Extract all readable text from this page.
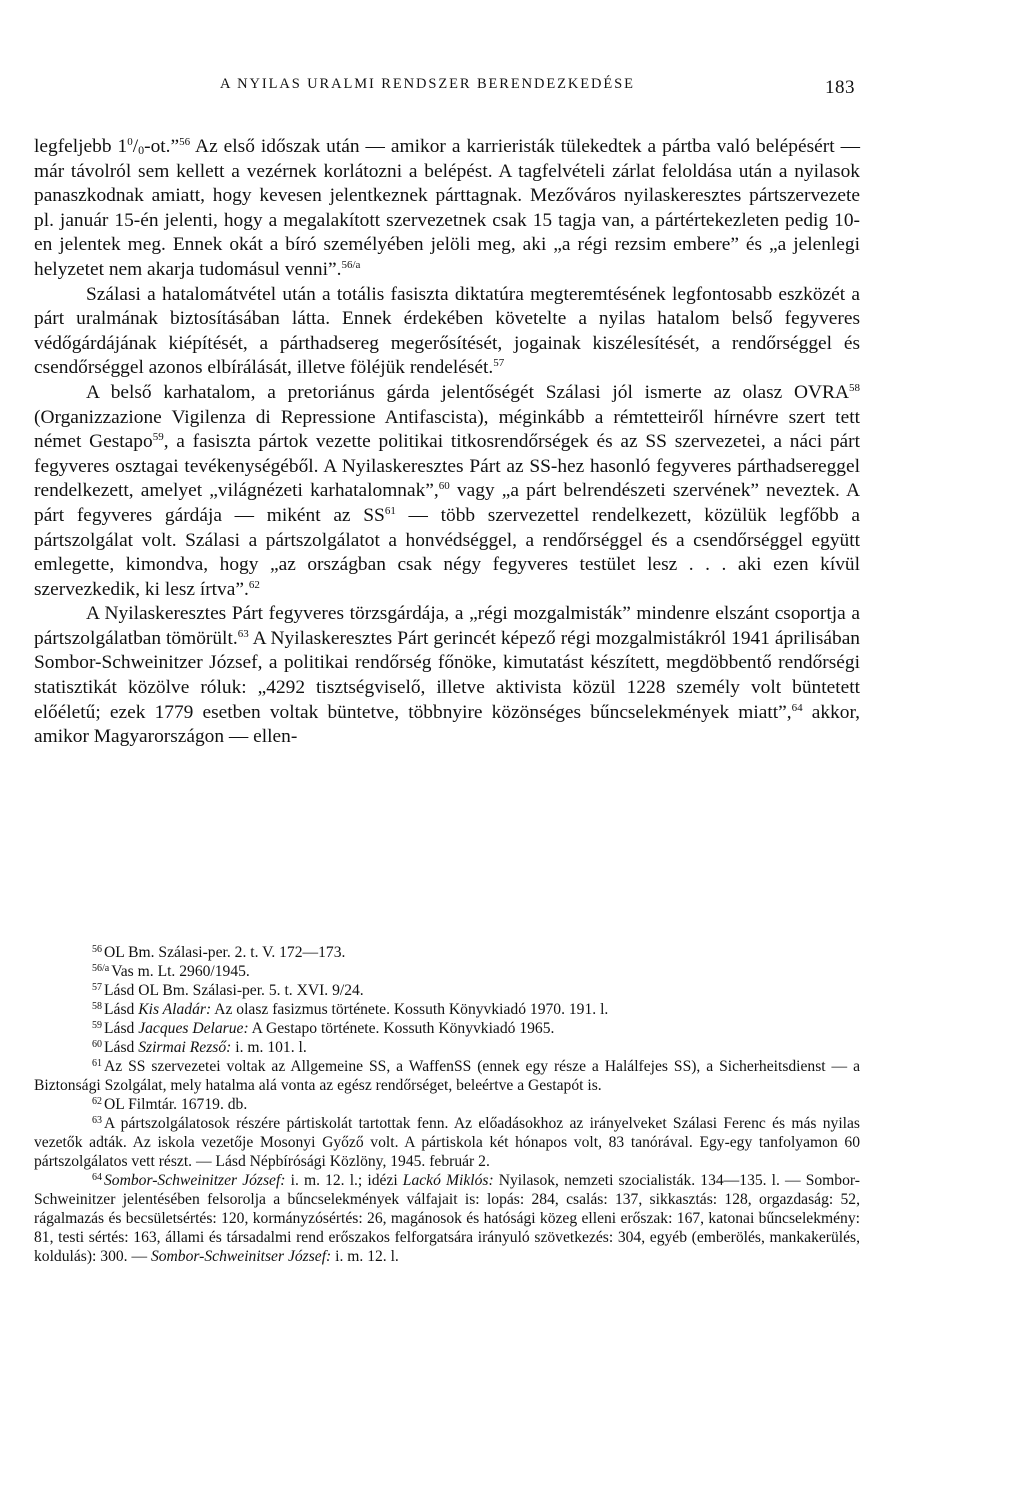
A NYILAS URALMI RENDSZER BERENDEZKEDÉSE	183

legfeljebb $1^0/_0-ot.”^{56}$ Az első időszak után — amikor a karrieristák tülekedtek a pártba való belépésért — már távolról sem kellett a vezérnek korlátozni a belépést. A tagfelvételi zárlat feloldása után a nyilasok panaszkodnak amiatt, hogy kevesen jelentkeznek párttagnak. Mezőváros nyilaskeresztes pártszervezete pl. január 15-én jelenti, hogy a megalakított szervezetnek csak 15 tagja van, a pártértekezleten pedig 10-en jelentek meg. Ennek okát a bíró személyében jelöli meg, aki „a régi rezsim embere” és „a jelenlegi helyzetet nem akarja tudomásul venni”.$^{56/a}$

Szálasi a hatalomátvétel után a totális fasiszta diktatúra megteremtésének legfontosabb eszközét a párt uralmának biztosításában látta. Ennek érdekében követelte a nyilas hatalom belső fegyveres védőgárdájának kiépítését, a párthadsereg megerősítését, jogainak kiszélesítését, a rendőrséggel és csendőrséggel azonos elbírálását, illetve föléjük rendelését.$^{57}$

A belső karhatalom, a pretoriánus gárda jelentőségét Szálasi jól ismerte az olasz OVRA$^{58}$ (Organizzazione Vigilenza di Repressione Antifascista), méginkább a rémtetteiről hírnévre szert tett német Gestapo$^{59}$, a fasiszta pártok vezette politikai titkosrendőrségek és az SS szervezetei, a náci párt fegyveres osztagai tevékenységéből. A Nyilaskeresztes Párt az SS-hez hasonló fegyveres párthadsereggel rendelkezett, amelyet „világnézeti karhatalomnak”,$^{60}$ vagy „a párt belrendészeti szervének” neveztek. A párt fegyveres gárdája — miként az SS$^{61}$ — több szervezettel rendelkezett, közülük legfőbb a pártszolgálat volt. Szálasi a pártszolgálatot a honvédséggel, a rendőrséggel és a csendőrséggel együtt emlegette, kimondva, hogy „az országban csak négy fegyveres testület lesz . . . aki ezen kívül szervezkedik, ki lesz írtva”.$^{62}$

A Nyilaskeresztes Párt fegyveres törzsgárdája, a „régi mozgalmisták” mindenre elszánt csoportja a pártszolgálatban tömörült.$^{63}$ A Nyilaskeresztes Párt gerincét képező régi mozgalmistákról 1941 áprilisában Sombor-Schweinitzer József, a politikai rendőrség főnöke, kimutatást készített, megdöbbentő rendőrségi statisztikát közölve róluk: „4292 tisztségviselő, illetve aktivista közül 1228 személy volt büntetett előéletű; ezek 1779 esetben voltak büntetve, többnyire közönséges bűncselekmények miatt”,$^{64}$ akkor, amikor Magyarországon — ellen-

$^{56}$ OL Bm. Szálasi-per. 2. t. V. 172—173.

$^{56/a}$ Vas m. Lt. 2960/1945.

$^{57}$ Lásd OL Bm. Szálasi-per. 5. t. XVI. 9/24.

$^{58}$ Lásd Kis Aladár: Az olasz fasizmus története. Kossuth Könyvkiadó 1970. 191. l.

$^{59}$ Lásd Jacques Delarue: A Gestapo története. Kossuth Könyvkiadó 1965.

$^{60}$ Lásd Szirmai Rezső: i. m. 101. l.

$^{61}$ Az SS szervezetei voltak az Allgemeine SS, a WaffenSS (ennek egy része a Halálfejes SS), a Sicherheitsdienst — a Biztonsági Szolgálat, mely hatalma alá vonta az egész rendőrséget, beleértve a Gestapót is.

$^{62}$ OL Filmtár. 16719. db.

$^{63}$ A pártszolgálatosok részére pártiskolát tartottak fenn. Az előadásokhoz az irányelveket Szálasi Ferenc és más nyilas vezetők adták. Az iskola vezetője Mosonyi Győző volt. A pártiskola két hónapos volt, 83 tanórával. Egy-egy tanfolyamon 60 pártszolgálatos vett részt. — Lásd Népbírósági Közlöny, 1945. február 2.

$^{64}$ Sombor-Schweinitzer József: i. m. 12. l.; idézi Lackó Miklós: Nyilasok, nemzeti szocialisták. 134—135. l. — Sombor-Schweinitzer jelentésében felsorolja a bűncselekmények válfajait is: lopás: 284, csalás: 137, sikkasztás: 128, orgazdaság: 52, rágalmazás és becsületsértés: 120, kormányzósértés: 26, magánosok és hatósági közeg elleni erőszak: 167, katonai bűncselekmény: 81, testi sértés: 163, állami és társadalmi rend erőszakos felforgatsára irányuló szövetkezés: 304, egyéb (emberölés, mankakerülés, koldulás): 300. — Sombor-Schweinitser József: i. m. 12. l.
